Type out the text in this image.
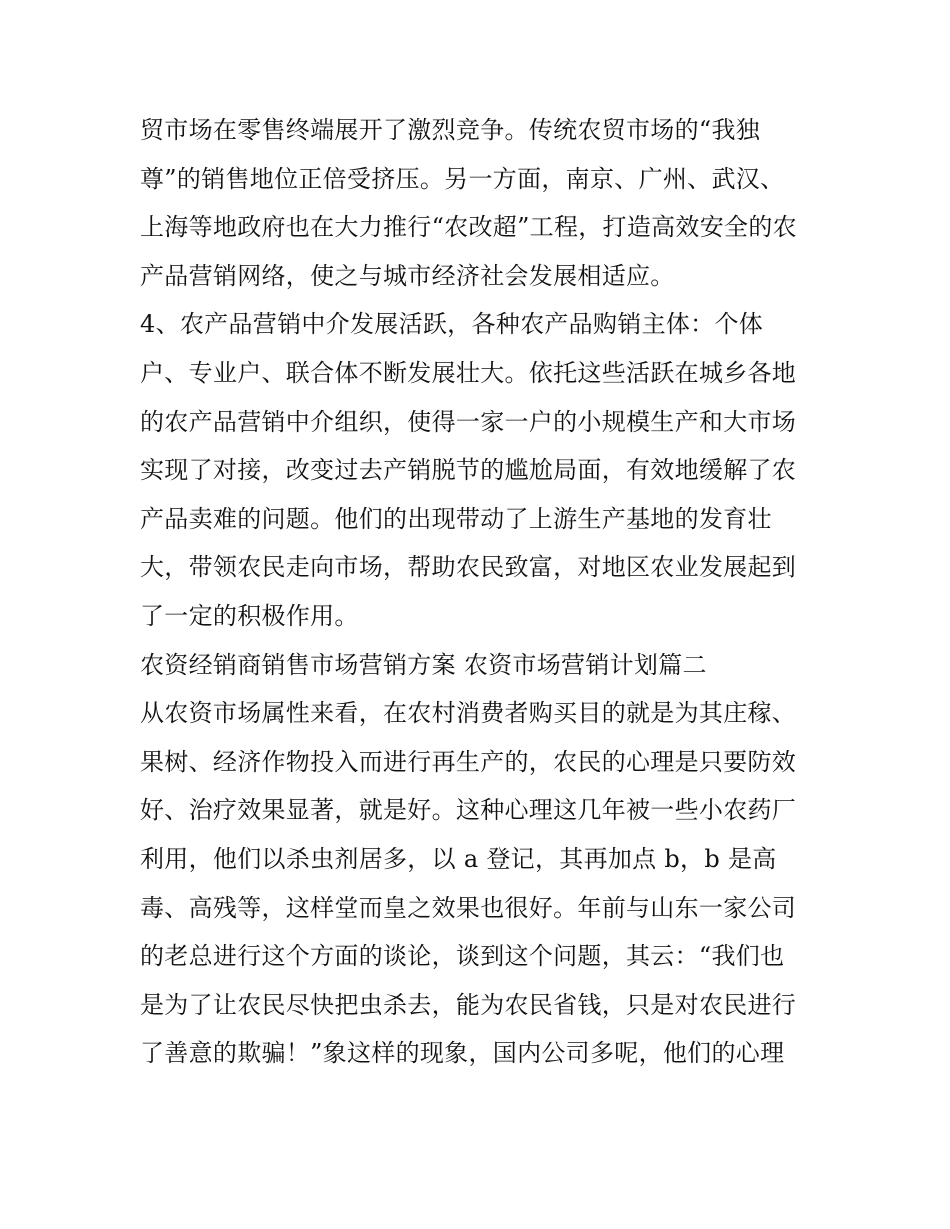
贸市场在零售终端展开了激烈竞争。传统农贸市场的“我独
尊”的销售地位正倍受挤压。另一方面，南京、广州、武汉、
上海等地政府也在大力推行“农改超”工程，打造高效安全的农
产品营销网络，使之与城市经济社会发展相适应。
4、农产品营销中介发展活跃，各种农产品购销主体：个体
户、专业户、联合体不断发展壮大。依托这些活跃在城乡各地
的农产品营销中介组织，使得一家一户的小规模生产和大市场
实现了对接，改变过去产销脱节的尴尬局面，有效地缓解了农
产品卖难的问题。他们的出现带动了上游生产基地的发育壮
大，带领农民走向市场，帮助农民致富，对地区农业发展起到
了一定的积极作用。
农资经销商销售市场营销方案 农资市场营销计划篇二
从农资市场属性来看，在农村消费者购买目的就是为其庄稼、
果树、经济作物投入而进行再生产的，农民的心理是只要防效
好、治疗效果显著，就是好。这种心理这几年被一些小农药厂
利用，他们以杀虫剂居多，以 a 登记，其再加点 b，b 是高
毒、高残等，这样堂而皇之效果也很好。年前与山东一家公司
的老总进行这个方面的谈论，谈到这个问题，其云：“我们也
是为了让农民尽快把虫杀去，能为农民省钱，只是对农民进行
了善意的欺骗！”象这样的现象，国内公司多呢，他们的心理
